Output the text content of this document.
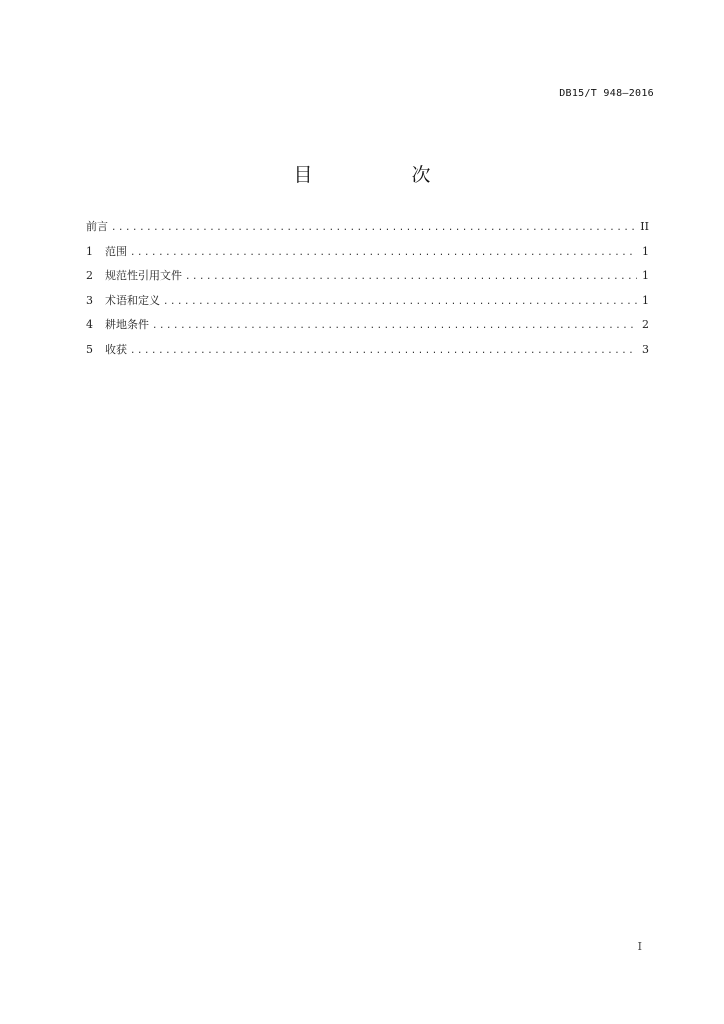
DB15/T 948—2016
目　次
前言 .....	II
1	范围 .....	1
2	规范性引用文件 .....	1
3	术语和定义 .....	1
4	耕地条件 .....	2
5	收获 .....	3
I
